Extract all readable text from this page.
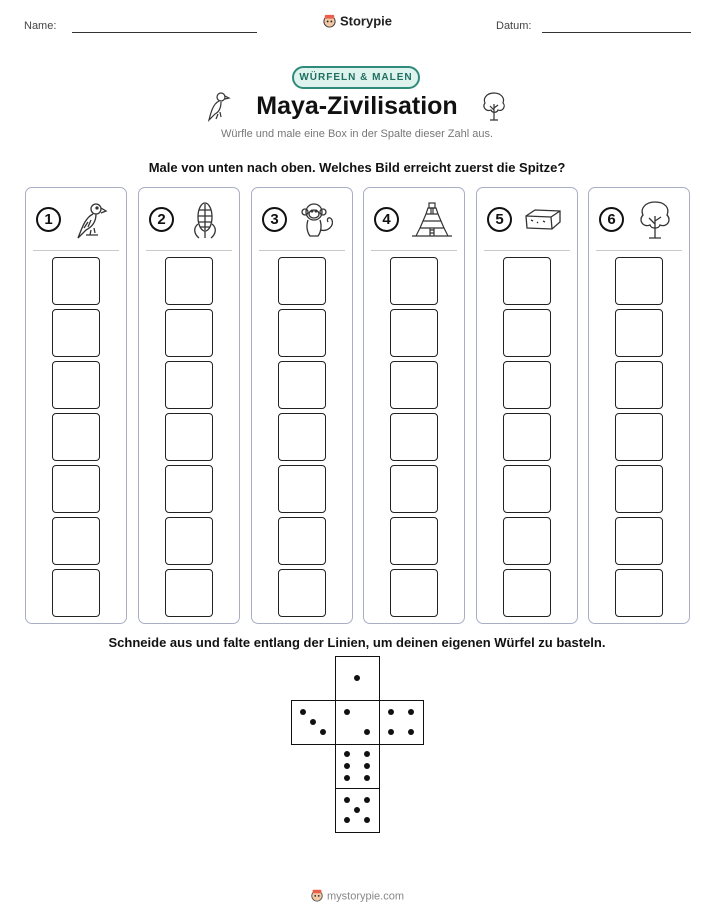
Name:	Storypie	Datum:
WÜRFELN & MALEN
Maya-Zivilisation
Würfle und male eine Box in der Spalte dieser Zahl aus.
Male von unten nach oben. Welches Bild erreicht zuerst die Spitze?
1	2	3	4	5	6
Schneide aus und falte entlang der Linien, um deinen eigenen Würfel zu basteln.
mystorypie.com
